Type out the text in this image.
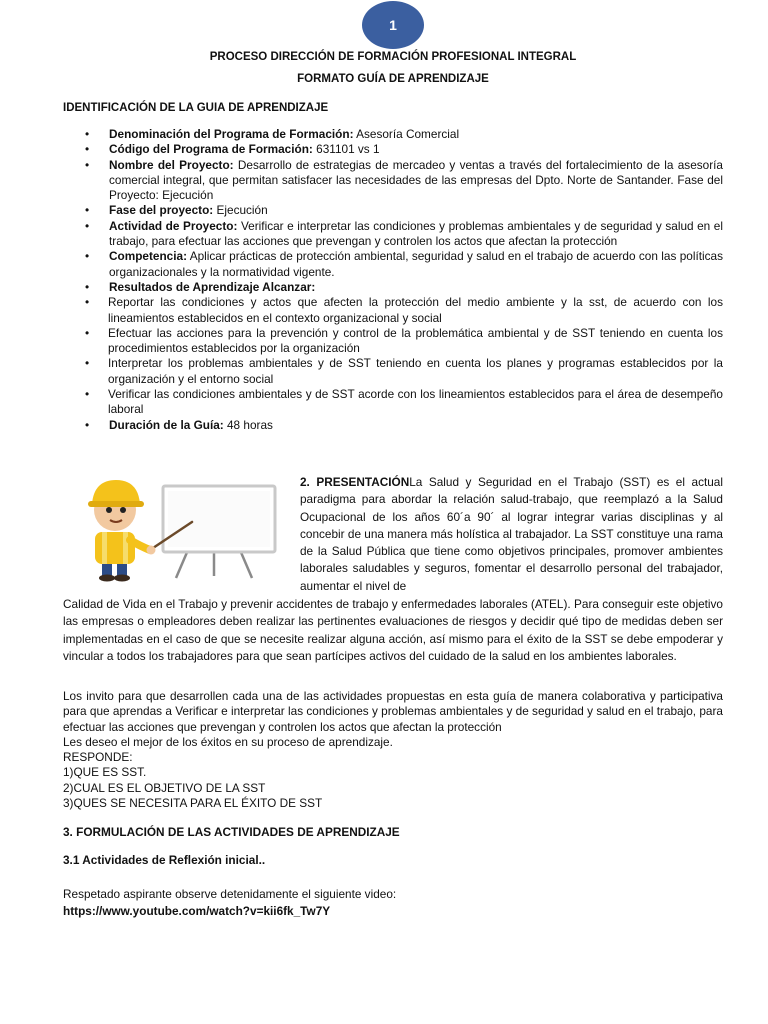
1
PROCESO DIRECCIÓN DE FORMACIÓN PROFESIONAL INTEGRAL
FORMATO GUÍA DE APRENDIZAJE
IDENTIFICACIÓN DE LA GUIA DE APRENDIZAJE
• Denominación del Programa de Formación: Asesoría Comercial
• Código del Programa de Formación: 631101 vs 1
• Nombre del Proyecto: Desarrollo de estrategias de mercadeo y ventas a través del fortalecimiento de la asesoría comercial integral, que permitan satisfacer las necesidades de las empresas del Dpto. Norte de Santander. Fase del Proyecto: Ejecución
• Fase del proyecto: Ejecución
• Actividad de Proyecto: Verificar e interpretar las condiciones y problemas ambientales y de seguridad y salud en el trabajo, para efectuar las acciones que prevengan y controlen los actos que afectan la protección
• Competencia: Aplicar prácticas de protección ambiental, seguridad y salud en el trabajo de acuerdo con las políticas organizacionales y la normatividad vigente.
• Resultados de Aprendizaje Alcanzar:
• Reportar las condiciones y actos que afecten la protección del medio ambiente y la sst, de acuerdo con los lineamientos establecidos en el contexto organizacional y social
• Efectuar las acciones para la prevención y control de la problemática ambiental y de SST teniendo en cuenta los procedimientos establecidos por la organización
• Interpretar los problemas ambientales y de SST teniendo en cuenta los planes y programas establecidos por la organización y el entorno social
• Verificar las condiciones ambientales y de SST acorde con los lineamientos establecidos para el área de desempeño laboral
• Duración de la Guía: 48 horas
2. PRESENTACIÓNLa Salud y Seguridad en el Trabajo (SST) es el actual paradigma para abordar la relación salud-trabajo, que reemplazó a la Salud Ocupacional de los años 60´a 90´ al lograr integrar varias disciplinas y al concebir de una manera más holística al trabajador. La SST constituye una rama de la Salud Pública que tiene como objetivos principales, promover ambientes laborales saludables y seguros, fomentar el desarrollo personal del trabajador, aumentar el nivel de
Calidad de Vida en el Trabajo y prevenir accidentes de trabajo y enfermedades laborales (ATEL). Para conseguir este objetivo las empresas o empleadores deben realizar las pertinentes evaluaciones de riesgos y decidir qué tipo de medidas deben ser implementadas en el caso de que se necesite realizar alguna acción, así mismo para el éxito de la SST se debe empoderar y vincular a todos los trabajadores para que sean partícipes activos del cuidado de la salud en los ambientes laborales.
Los invito para que desarrollen cada una de las actividades propuestas en esta guía de manera colaborativa y participativa para que aprendas a Verificar e interpretar las condiciones y problemas ambientales y de seguridad y salud en el trabajo, para efectuar las acciones que prevengan y controlen los actos que afectan la protección
Les deseo el mejor de los éxitos en su proceso de aprendizaje.
RESPONDE:
1)QUE ES SST.
2)CUAL ES EL OBJETIVO DE LA SST
3)QUES SE NECESITA PARA EL ÉXITO DE SST
3. FORMULACIÓN DE LAS ACTIVIDADES DE APRENDIZAJE
3.1 Actividades de Reflexión inicial..
Respetado aspirante observe detenidamente el siguiente video:
https://www.youtube.com/watch?v=kii6fk_Tw7Y
